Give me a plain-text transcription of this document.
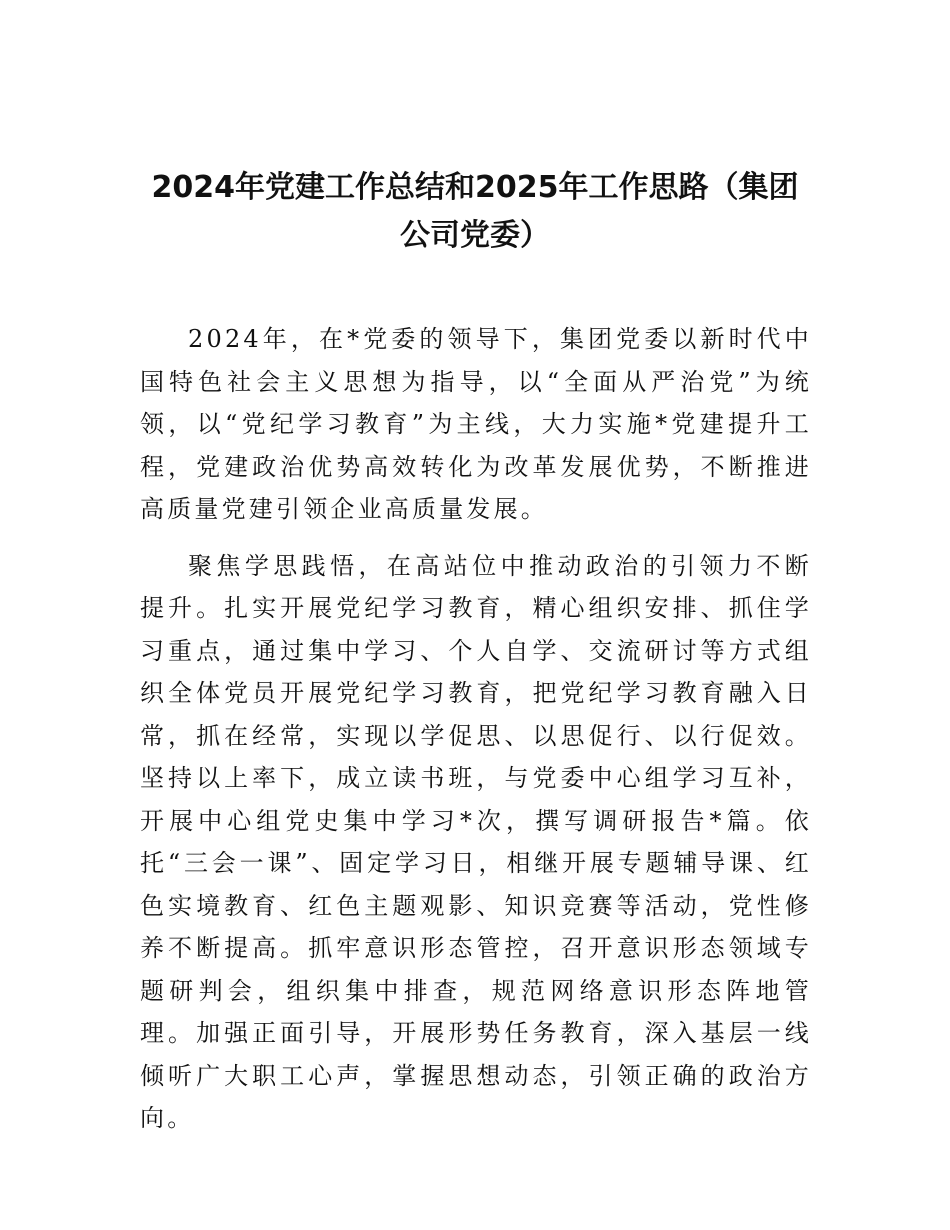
2024年党建工作总结和2025年工作思路（集团公司党委）

2024年，在*党委的领导下，集团党委以新时代中国特色社会主义思想为指导，以“全面从严治党”为统领，以“党纪学习教育”为主线，大力实施*党建提升工程，党建政治优势高效转化为改革发展优势，不断推进高质量党建引领企业高质量发展。

聚焦学思践悟，在高站位中推动政治的引领力不断提升。扎实开展党纪学习教育，精心组织安排、抓住学习重点，通过集中学习、个人自学、交流研讨等方式组织全体党员开展党纪学习教育，把党纪学习教育融入日常，抓在经常，实现以学促思、以思促行、以行促效。坚持以上率下，成立读书班，与党委中心组学习互补，开展中心组党史集中学习*次，撰写调研报告*篇。依托“三会一课”、固定学习日，相继开展专题辅导课、红色实境教育、红色主题观影、知识竞赛等活动，党性修养不断提高。抓牢意识形态管控，召开意识形态领域专题研判会，组织集中排查，规范网络意识形态阵地管理。加强正面引导，开展形势任务教育，深入基层一线倾听广大职工心声，掌握思想动态，引领正确的政治方向。
